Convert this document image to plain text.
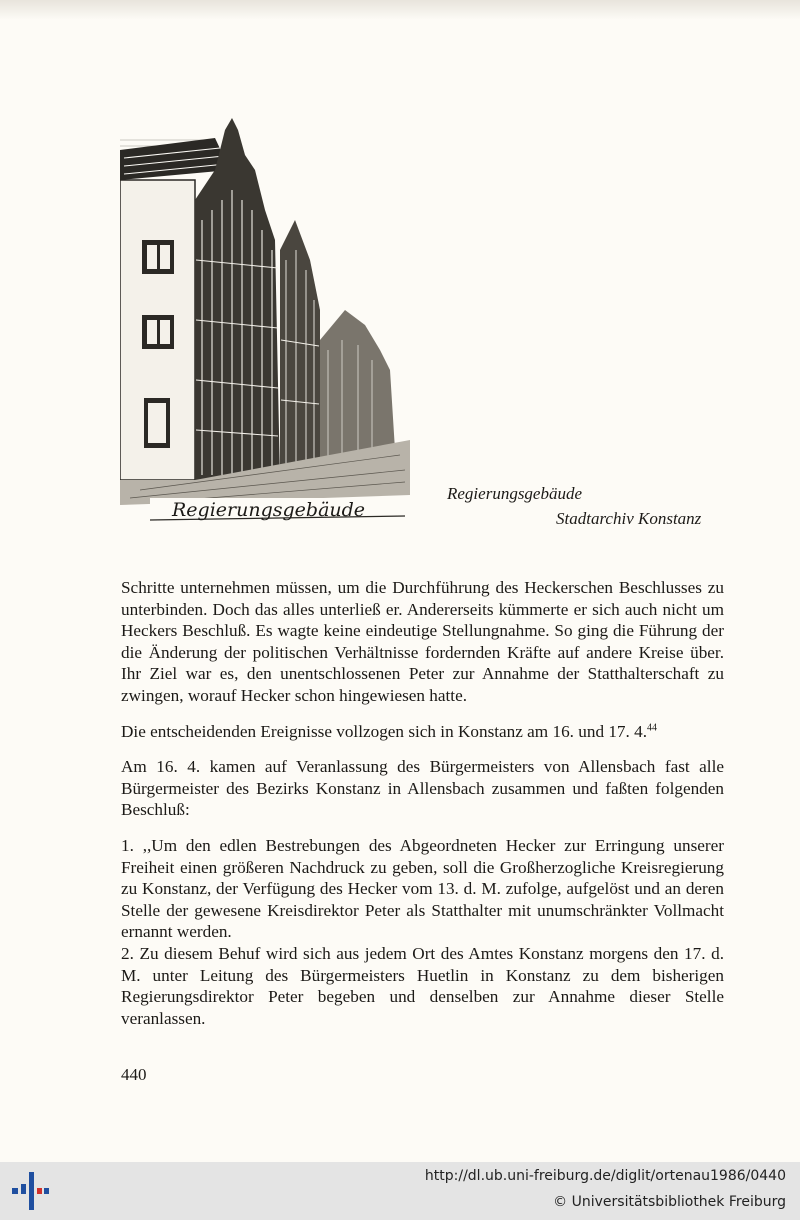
Regierungsgebäude
Regierungsgebäude
Stadtarchiv Konstanz

Schritte unternehmen müssen, um die Durchführung des Heckerschen Beschlusses zu unterbinden. Doch das alles unterließ er. Andererseits kümmerte er sich auch nicht um Heckers Beschluß. Es wagte keine eindeutige Stellungnahme. So ging die Führung der die Änderung der politischen Verhältnisse fordernden Kräfte auf andere Kreise über. Ihr Ziel war es, den unentschlossenen Peter zur Annahme der Statthalterschaft zu zwingen, worauf Hecker schon hingewiesen hatte.

Die entscheidenden Ereignisse vollzogen sich in Konstanz am 16. und 17. 4.44

Am 16. 4. kamen auf Veranlassung des Bürgermeisters von Allensbach fast alle Bürgermeister des Bezirks Konstanz in Allensbach zusammen und faßten folgenden Beschluß:

1. ,,Um den edlen Bestrebungen des Abgeordneten Hecker zur Erringung unserer Freiheit einen größeren Nachdruck zu geben, soll die Großherzogliche Kreisregierung zu Konstanz, der Verfügung des Hecker vom 13. d. M. zufolge, aufgelöst und an deren Stelle der gewesene Kreisdirektor Peter als Statthalter mit unumschränkter Vollmacht ernannt werden.

2. Zu diesem Behuf wird sich aus jedem Ort des Amtes Konstanz morgens den 17. d. M. unter Leitung des Bürgermeisters Huetlin in Konstanz zu dem bisherigen Regierungsdirektor Peter begeben und denselben zur Annahme dieser Stelle veranlassen.

440
http://dl.ub.uni-freiburg.de/diglit/ortenau1986/0440
© Universitätsbibliothek Freiburg
